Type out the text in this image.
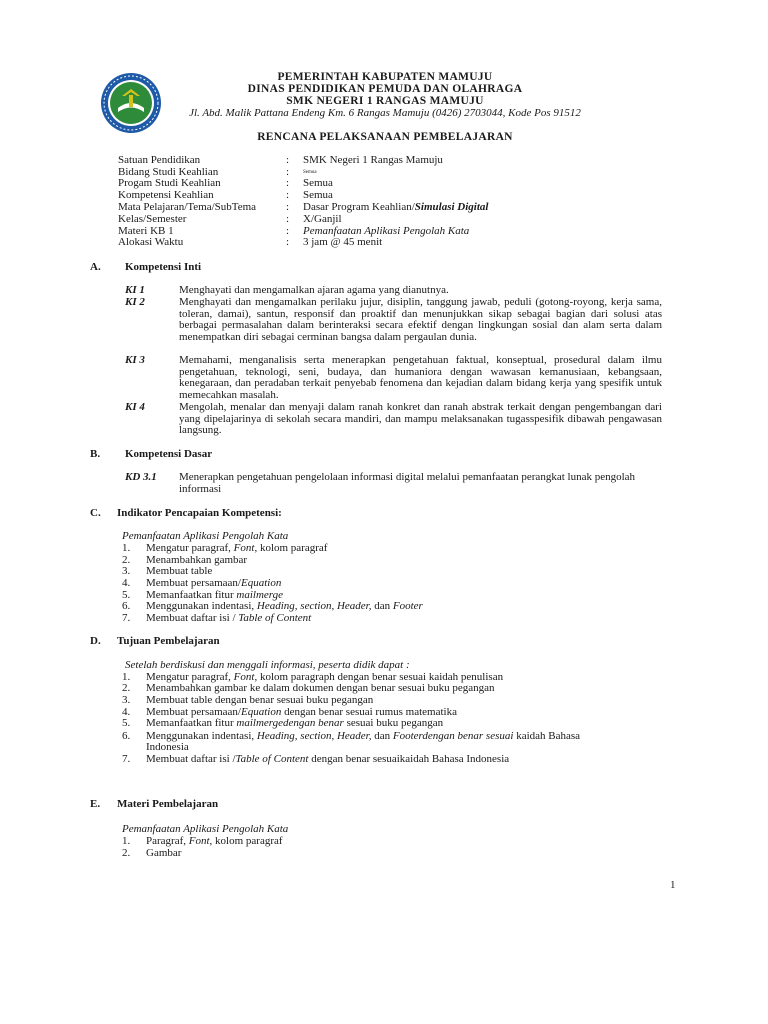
PEMERINTAH KABUPATEN MAMUJU
DINAS PENDIDIKAN PEMUDA DAN OLAHRAGA
SMK NEGERI 1 RANGAS MAMUJU
Jl. Abd. Malik Pattana Endeng Km. 6 Rangas Mamuju (0426) 2703044, Kode Pos 91512
RENCANA PELAKSANAAN PEMBELAJARAN
Satuan Pendidikan	: SMK Negeri 1 Rangas Mamuju
Bidang Studi Keahlian	:	Semua
Progam Studi Keahlian	: Semua
Kompetensi Keahlian	: Semua
Mata Pelajaran/Tema/SubTema	: Dasar Program Keahlian/Simulasi Digital
Kelas/Semester	: X/Ganjil
Materi KB 1	: Pemanfaatan Aplikasi Pengolah Kata
Alokasi Waktu	: 3 jam @ 45 menit
A. Kompetensi Inti
KI 1	Menghayati dan mengamalkan ajaran agama yang dianutnya.
KI 2	Menghayati dan mengamalkan perilaku jujur, disiplin, tanggung jawab, peduli (gotong-royong, kerja sama, toleran, damai), santun, responsif dan proaktif dan menunjukkan sikap sebagai bagian dari solusi atas berbagai permasalahan dalam berinteraksi secara efektif dengan lingkungan sosial dan alam serta dalam menempatkan diri sebagai cerminan bangsa dalam pergaulan dunia.
KI 3	Memahami, menganalisis serta menerapkan pengetahuan faktual, konseptual, prosedural dalam ilmu pengetahuan, teknologi, seni, budaya, dan humaniora dengan wawasan kemanusiaan, kebangsaan, kenegaraan, dan peradaban terkait penyebab fenomena dan kejadian dalam bidang kerja yang spesifik untuk memecahkan masalah.
KI 4	Mengolah, menalar dan menyaji dalam ranah konkret dan ranah abstrak terkait dengan pengembangan dari yang dipelajarinya di sekolah secara mandiri, dan mampu melaksanakan tugasspesifik dibawah pengawasan langsung.
B. Kompetensi Dasar
KD 3.1 Menerapkan pengetahuan pengelolaan informasi digital melalui pemanfaatan perangkat lunak pengolah informasi
C. Indikator Pencapaian Kompetensi:
Pemanfaatan Aplikasi Pengolah Kata
1. Mengatur paragraf, Font, kolom paragraf
2. Menambahkan gambar
3. Membuat table
4. Membuat persamaan/Equation
5. Memanfaatkan fitur mailmerge
6. Menggunakan indentasi, Heading, section, Header, dan Footer
7. Membuat daftar isi / Table of Content
D. Tujuan Pembelajaran
Setelah berdiskusi dan menggali informasi, peserta didik dapat :
1. Mengatur paragraf, Font, kolom paragraph dengan benar sesuai kaidah penulisan
2. Menambahkan gambar ke dalam dokumen dengan benar sesuai buku pegangan
3. Membuat table dengan benar sesuai buku pegangan
4. Membuat persamaan/Equation dengan benar sesuai rumus matematika
5. Memanfaatkan fitur mailmergedengan benar sesuai buku pegangan
6. Menggunakan indentasi, Heading, section, Header, dan Footerdengan benar sesuai kaidah Bahasa
Indonesia
7. Membuat daftar isi /Table of Content dengan benar sesuaikaidah Bahasa Indonesia
E. Materi Pembelajaran
Pemanfaatan Aplikasi Pengolah Kata
1. Paragraf, Font, kolom paragraf
2. Gambar
1
